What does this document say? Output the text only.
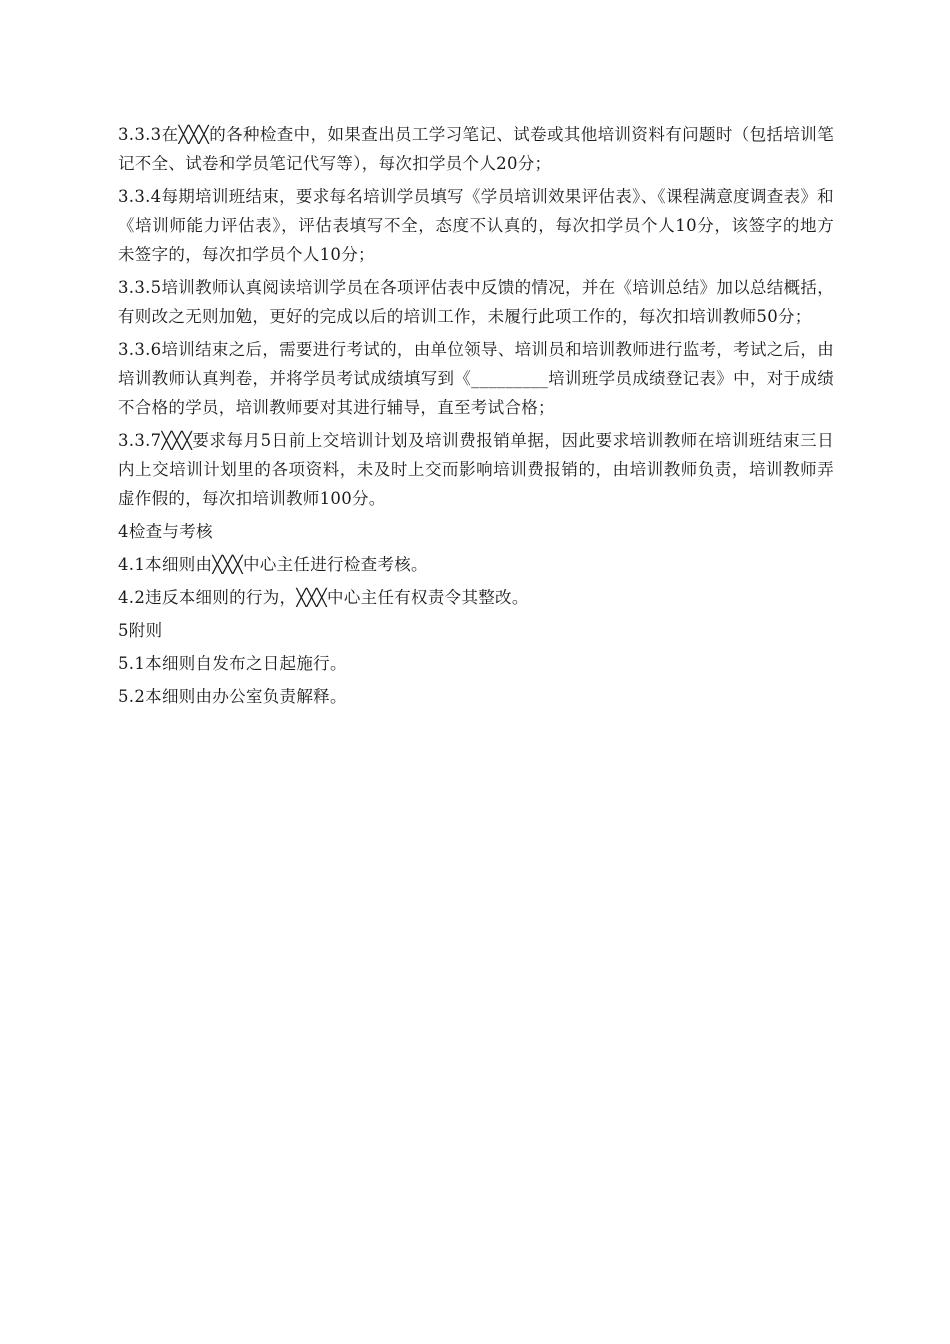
3.3.3在╳╳╳的各种检查中，如果查出员工学习笔记、试卷或其他培训资料有问题时（包括培训笔记不全、试卷和学员笔记代写等），每次扣学员个人20分；

3.3.4每期培训班结束，要求每名培训学员填写《学员培训效果评估表》、《课程满意度调查表》和《培训师能力评估表》，评估表填写不全，态度不认真的，每次扣学员个人10分，该签字的地方未签字的，每次扣学员个人10分；

3.3.5培训教师认真阅读培训学员在各项评估表中反馈的情况，并在《培训总结》加以总结概括，有则改之无则加勉，更好的完成以后的培训工作，未履行此项工作的，每次扣培训教师50分；

3.3.6培训结束之后，需要进行考试的，由单位领导、培训员和培训教师进行监考，考试之后，由培训教师认真判卷，并将学员考试成绩填写到《_________培训班学员成绩登记表》中，对于成绩不合格的学员，培训教师要对其进行辅导，直至考试合格；

3.3.7╳╳╳要求每月5日前上交培训计划及培训费报销单据，因此要求培训教师在培训班结束三日内上交培训计划里的各项资料，未及时上交而影响培训费报销的，由培训教师负责，培训教师弄虚作假的，每次扣培训教师100分。

4检查与考核

4.1本细则由╳╳╳中心主任进行检查考核。

4.2违反本细则的行为，╳╳╳中心主任有权责令其整改。

5附则

5.1本细则自发布之日起施行。

5.2本细则由办公室负责解释。
